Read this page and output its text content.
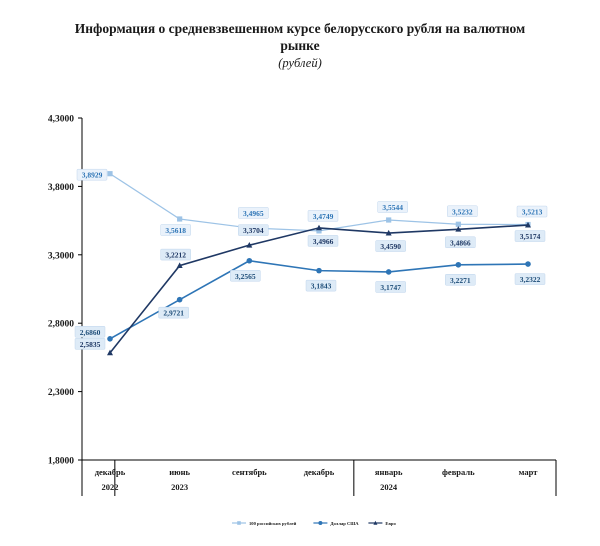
Информация о средневзвешенном курсе белорусского рубля на валютном рынке
(рублей)
1,8000
2,3000
2,8000
3,3000
3,8000
4,3000
декабрь
2022
июнь
2023
сентябрь	декабрь	январь
2024
февраль	март
3,8929
3,5618
3,4965	3,4749
3,5544	3,5232	3,5213
2,6860
2,9721
3,2565
3,1843	3,1747
3,2271	3,2322
2,5835
3,2212
3,3704
3,4966
3,4590	3,4866
3,5174
100 российских рублей	Доллар США	Евро
